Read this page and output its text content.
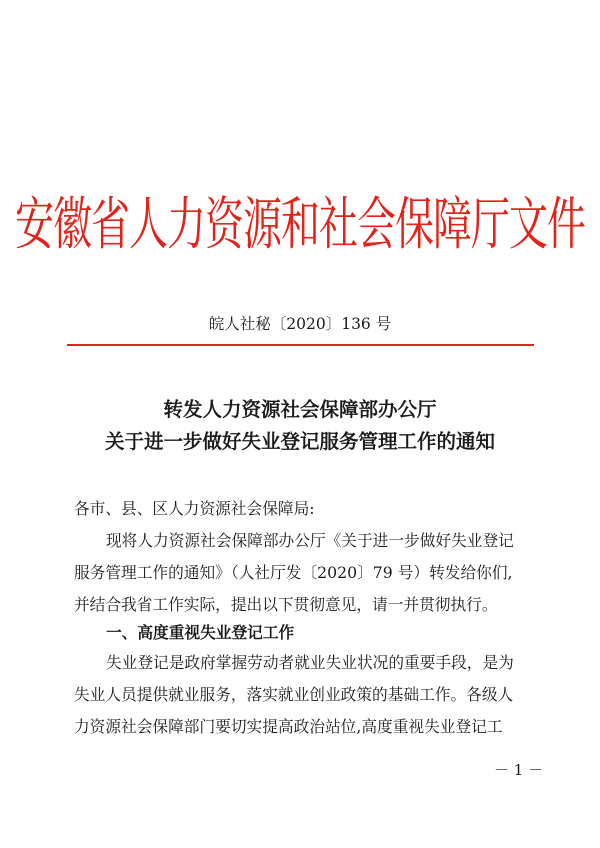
安徽省人力资源和社会保障厅文件
皖人社秘〔2020〕136 号
转发人力资源社会保障部办公厅
关于进一步做好失业登记服务管理工作的通知
各市、县、区人力资源社会保障局:
现将人力资源社会保障部办公厅《关于进一步做好失业登记
服务管理工作的通知》（人社厅发〔2020〕79 号）转发给你们,
并结合我省工作实际，提出以下贯彻意见，请一并贯彻执行。
一、高度重视失业登记工作
失业登记是政府掌握劳动者就业失业状况的重要手段，是为
失业人员提供就业服务，落实就业创业政策的基础工作。各级人
力资源社会保障部门要切实提高政治站位,高度重视失业登记工
－ 1 －
